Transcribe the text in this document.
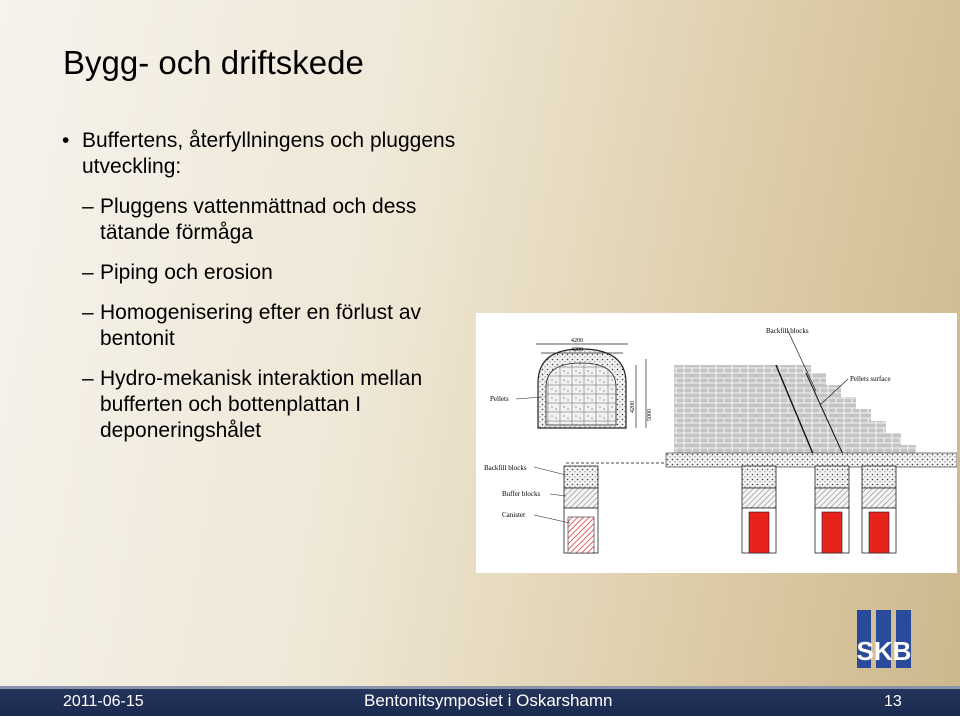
Bygg- och driftskede
• Buffertens, återfyllningens och pluggens utveckling:
– Pluggens vattenmättnad och dess tätande förmåga
– Piping och erosion
– Homogenisering efter en förlust av bentonit
– Hydro-mekanisk interaktion mellan bufferten och bottenplattan I deponeringshålet
4200
4200
4200
5000
Backfill blocks
Pellets surface
Pellets
Backfill blocks
Buffer blocks
Canister
SKB
2011-06-15	Bentonitsymposiet i Oskarshamn	13
